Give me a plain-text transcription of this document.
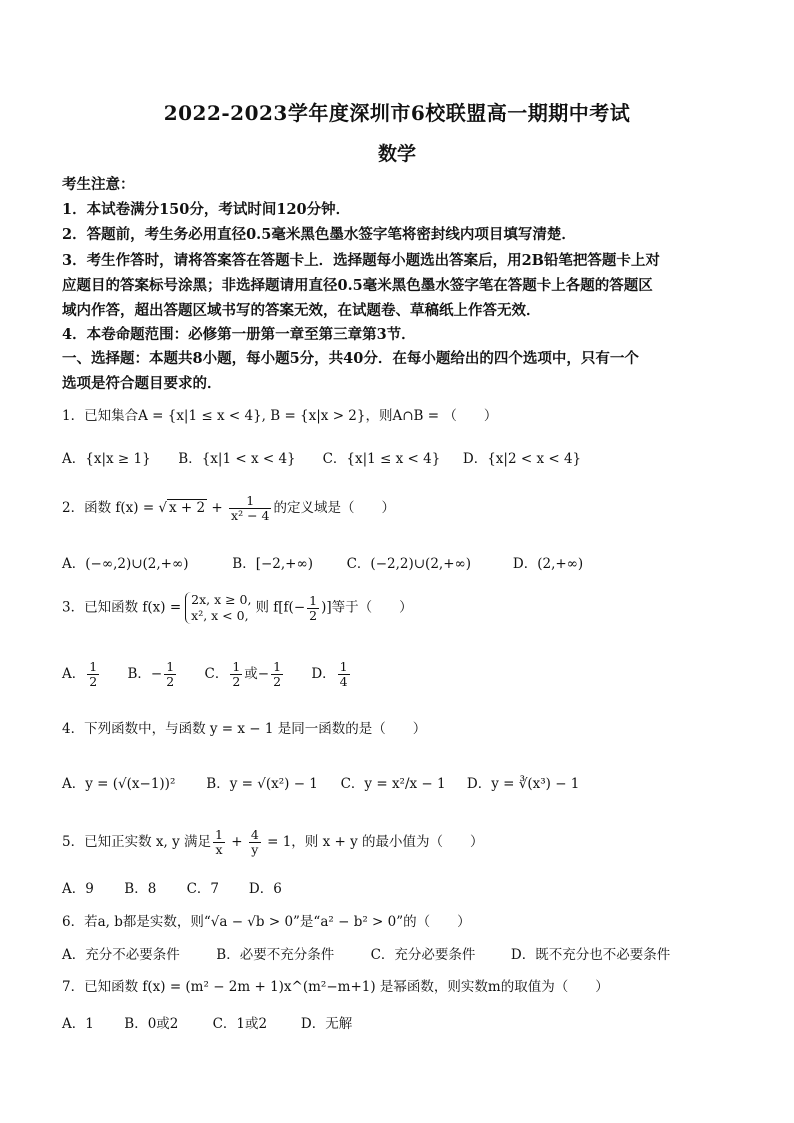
2022-2023学年度深圳市6校联盟高一期期中考试
数学
考生注意：
1．本试卷满分150分，考试时间120分钟．
2．答题前，考生务必用直径0.5毫米黑色墨水签字笔将密封线内项目填写清楚．
3．考生作答时，请将答案答在答题卡上．选择题每小题选出答案后，用2B铅笔把答题卡上对
应题目的答案标号涂黑；非选择题请用直径0.5毫米黑色墨水签字笔在答题卡上各题的答题区
域内作答，超出答题区域书写的答案无效，在试题卷、草稿纸上作答无效．
4．本卷命题范围：必修第一册第一章至第三章第3节．
一、选择题：本题共8小题，每小题5分，共40分．在每小题给出的四个选项中，只有一个
选项是符合题目要求的．
1．已知集合A = {x|1 ≤ x < 4}, B = {x|x > 2}，则A∩B = （　　）
A．{x|x ≥ 1} B．{x|1 < x < 4} C．{x|1 ≤ x < 4} D．{x|2 < x < 4}
2．函数 f(x) = √ $x + 2 + \frac{1}{\text{x² − 4}}$ 的定义域是（　　）
A．(−∞,2)∪(2,+∞)	B．[−2,+∞) C．(−2,2)∪(2,+∞)	D．(2,+∞)
3．已知函数 f(x) = 2x, x ≥ 0,
x², x < 0, 则 $f[f(- \frac{1}{2}$ )]等于（　　）
A． $\frac{1}{2}$ B．− $\frac{1}{2}$ C． $\frac{1}{2}$ 或− $\frac{1}{2}$ D． $\frac{1}{4}$
4．下列函数中，与函数 y = x − 1 是同一函数的是（　　）
A．y = (√(x−1))² B．y = √(x²) − 1 C．y = x²/x − 1 D．y = ∛(x³) − 1
5．已知正实数 x, y 满足 $\frac{1}{x} + \frac{4}{y} = 1$，则 x + y 的最小值为（　　）
A．9 B．8 C．7 D．6
6．若a, b都是实数，则“√a − √b > 0”是“a² − b² > 0”的（　　）
A．充分不必要条件	B．必要不充分条件	C．充分必要条件	D．既不充分也不必要条件
7．已知函数 f(x) = (m² − 2m + 1)x^(m²−m+1) 是幂函数，则实数m的取值为（　　）
A．1 B．0或2	C．1或2	D．无解
